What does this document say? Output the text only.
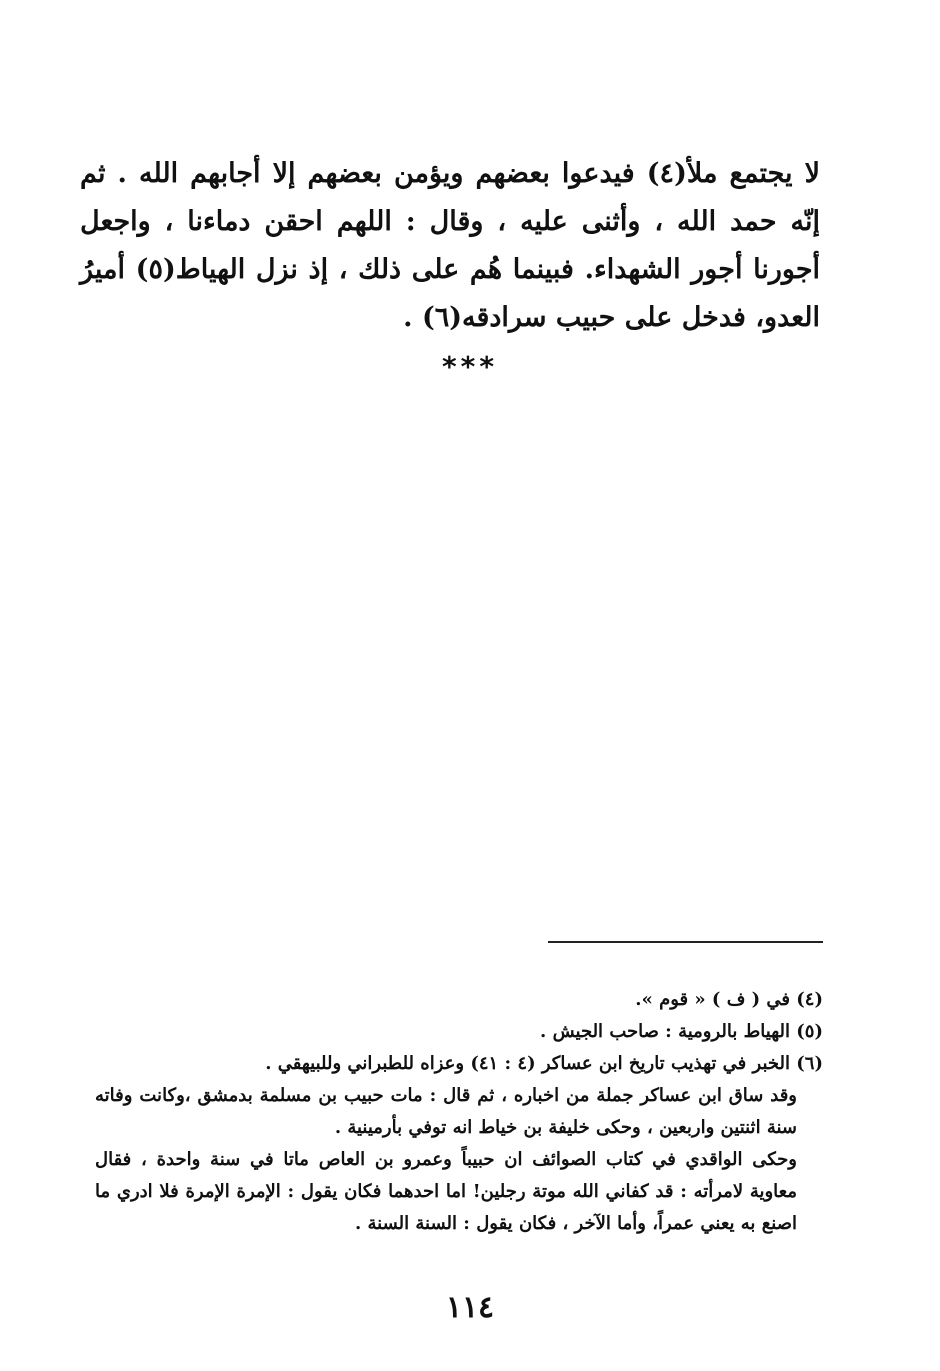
لا يجتمع ملأ(٤) فيدعوا بعضهم ويؤمن بعضهم إلا أجابهم الله . ثم إنّه حمد الله ، وأثنى عليه ، وقال : اللهم احقن دماءنا ، واجعل أجورنا أجور الشهداء. فبينما هُم على ذلك ، إذ نزل الهياط(٥) أميرُ العدو، فدخل على حبيب سرادقه(٦) .

***

(٤) في ( ف ) « قوم ».

(٥) الهياط بالرومية : صاحب الجيش .

(٦) الخبر في تهذيب تاريخ ابن عساكر (٤ : ٤١) وعزاه للطبراني وللبيهقي .

وقد ساق ابن عساكر جملة من اخباره ، ثم قال : مات حبيب بن مسلمة بدمشق ،وكانت وفاته سنة اثنتين واربعين ، وحكى خليفة بن خياط انه توفي بأرمينية .

وحكى الواقدي في كتاب الصوائف ان حبيباً وعمرو بن العاص ماتا في سنة واحدة ، فقال معاوية لامرأته : قد كفاني الله موتة رجلين! اما احدهما فكان يقول : الإمرة الإمرة فلا ادري ما اصنع به يعني عمراً، وأما الآخر ، فكان يقول : السنة السنة .

١١٤
